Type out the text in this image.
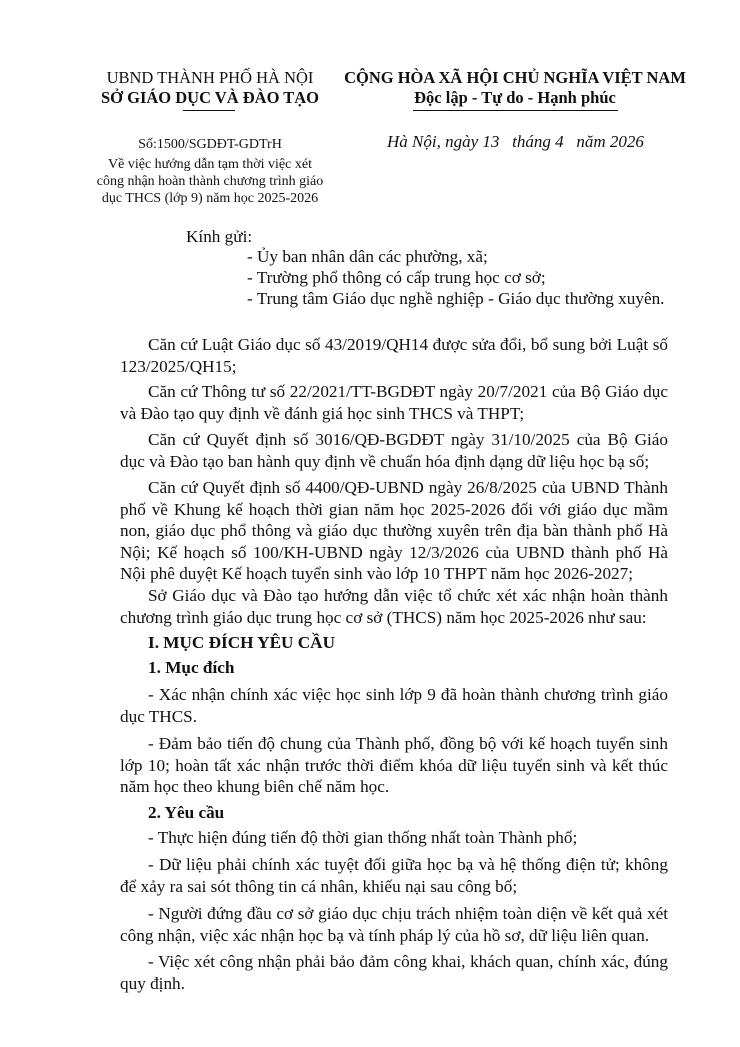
UBND THÀNH PHỐ HÀ NỘI
SỞ GIÁO DỤC VÀ ĐÀO TẠO
CỘNG HÒA XÃ HỘI CHỦ NGHĨA VIỆT NAM
Độc lập - Tự do - Hạnh phúc
Số:1500/SGDĐT-GDTrH
Về việc hướng dẫn tạm thời việc xét
công nhận hoàn thành chương trình giáo
dục THCS (lớp 9) năm học 2025-2026
Hà Nội, ngày 13   tháng 4   năm 2026
Kính gửi:
- Ủy ban nhân dân các phường, xã;
- Trường phổ thông có cấp trung học cơ sở;
- Trung tâm Giáo dục nghề nghiệp - Giáo dục thường xuyên.
Căn cứ Luật Giáo dục số 43/2019/QH14 được sửa đổi, bổ sung bởi Luật số 123/2025/QH15;
Căn cứ Thông tư số 22/2021/TT-BGDĐT ngày 20/7/2021 của Bộ Giáo dục và Đào tạo quy định về đánh giá học sinh THCS và THPT;
Căn cứ Quyết định số 3016/QĐ-BGDĐT ngày 31/10/2025 của Bộ Giáo dục và Đào tạo ban hành quy định về chuẩn hóa định dạng dữ liệu học bạ số;
Căn cứ Quyết định số 4400/QĐ-UBND ngày 26/8/2025 của UBND Thành phố về Khung kế hoạch thời gian năm học 2025-2026 đối với giáo dục mầm non, giáo dục phổ thông và giáo dục thường xuyên trên địa bàn thành phố Hà Nội; Kế hoạch số 100/KH-UBND ngày 12/3/2026 của UBND thành phố Hà Nội phê duyệt Kế hoạch tuyển sinh vào lớp 10 THPT năm học 2026-2027;
Sở Giáo dục và Đào tạo hướng dẫn việc tổ chức xét xác nhận hoàn thành chương trình giáo dục trung học cơ sở (THCS) năm học 2025-2026 như sau:
I. MỤC ĐÍCH YÊU CẦU
1. Mục đích
- Xác nhận chính xác việc học sinh lớp 9 đã hoàn thành chương trình giáo dục THCS.
- Đảm bảo tiến độ chung của Thành phố, đồng bộ với kế hoạch tuyển sinh lớp 10; hoàn tất xác nhận trước thời điểm khóa dữ liệu tuyển sinh và kết thúc năm học theo khung biên chế năm học.
2. Yêu cầu
- Thực hiện đúng tiến độ thời gian thống nhất toàn Thành phố;
- Dữ liệu phải chính xác tuyệt đối giữa học bạ và hệ thống điện tử; không để xảy ra sai sót thông tin cá nhân, khiếu nại sau công bố;
- Người đứng đầu cơ sở giáo dục chịu trách nhiệm toàn diện về kết quả xét công nhận, việc xác nhận học bạ và tính pháp lý của hồ sơ, dữ liệu liên quan.
- Việc xét công nhận phải bảo đảm công khai, khách quan, chính xác, đúng quy định.
